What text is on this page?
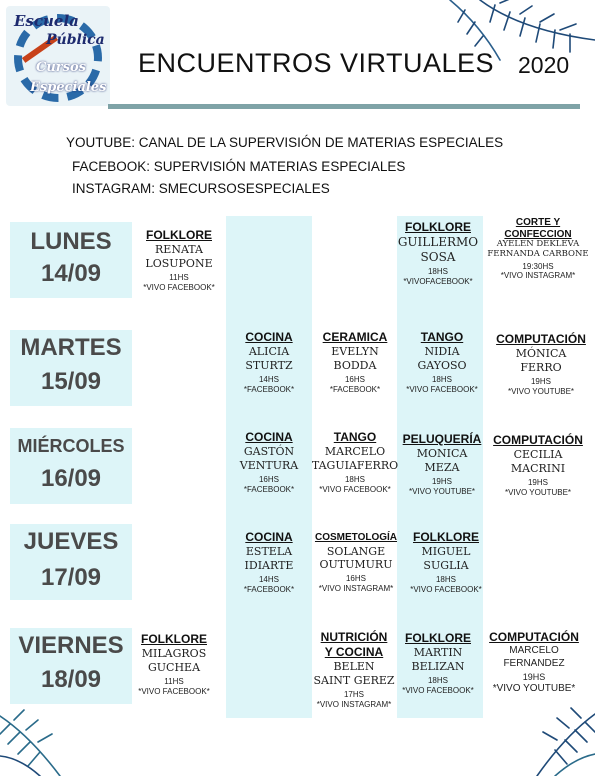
Escuela
Pública
Cursos
Especiales
ENCUENTROS VIRTUALES 2020
YOUTUBE: CANAL DE LA SUPERVISIÓN DE MATERIAS ESPECIALES
FACEBOOK: SUPERVISIÓN MATERIAS ESPECIALES
INSTAGRAM: SMECURSOSESPECIALES
LUNES
14/09
MARTES
15/09
MIÉRCOLES
16/09
JUEVES
17/09
VIERNES
18/09
FOLKLORE
RENATA
LOSUPONE
11HS
*VIVO FACEBOOK*
FOLKLORE
GUILLERMO
SOSA
18HS
*VIVOFACEBOOK*
CORTE Y
CONFECCION
AYELEN DEKLEVA
FERNANDA CARBONE
19:30HS
*VIVO INSTAGRAM*
COCINA
ALICIA
STURTZ
14HS
*FACEBOOK*
CERAMICA
EVELYN
BODDA
16HS
*FACEBOOK*
TANGO
NIDIA
GAYOSO
18HS
*VIVO FACEBOOK*
COMPUTACIÓN
MÓNICA
FERRO
19HS
*VIVO YOUTUBE*
COCINA
GASTÓN
VENTURA
16HS
*FACEBOOK*
TANGO
MARCELO
TAGUIAFERRO
18HS
*VIVO FACEBOOK*
PELUQUERÍA
MONICA
MEZA
19HS
*VIVO YOUTUBE*
COMPUTACIÓN
CECILIA
MACRINI
19HS
*VIVO YOUTUBE*
COCINA
ESTELA
IDIARTE
14HS
*FACEBOOK*
COSMETOLOGÍA
SOLANGE
OUTUMURU
16HS
*VIVO INSTAGRAM*
FOLKLORE
MIGUEL
SUGLIA
18HS
*VIVO FACEBOOK*
FOLKLORE
MILAGROS
GUCHEA
11HS
*VIVO FACEBOOK*
NUTRICIÓN
Y COCINA
BELEN
SAINT GEREZ
17HS
*VIVO INSTAGRAM*
FOLKLORE
MARTIN
BELIZAN
18HS
*VIVO FACEBOOK*
COMPUTACIÓN
MARCELO
FERNANDEZ
19HS
*VIVO YOUTUBE*
